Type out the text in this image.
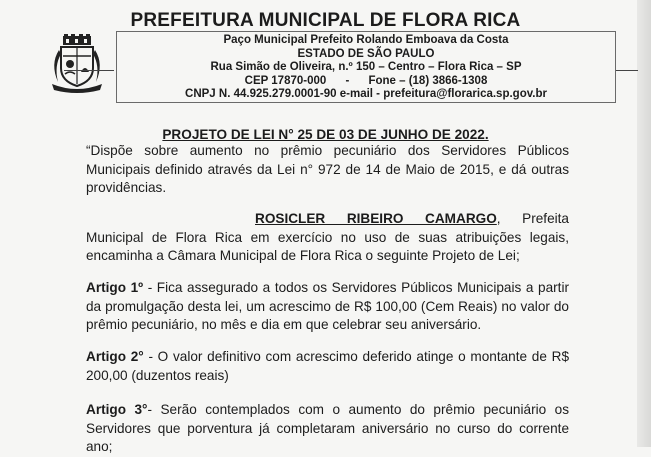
PREFEITURA MUNICIPAL DE FLORA RICA
Paço Municipal Prefeito Rolando Emboava da Costa
ESTADO DE SÃO PAULO
Rua Simão de Oliveira, n.º 150 – Centro – Flora Rica – SP
CEP 17870-000      -      Fone – (18) 3866-1308
CNPJ N. 44.925.279.0001-90 e-mail - prefeitura@florarica.sp.gov.br
PROJETO DE LEI N° 25 DE 03 DE JUNHO DE 2022.
“Dispõe sobre aumento no prêmio pecuniário dos Servidores Públicos Municipais definido através da Lei n° 972 de 14 de Maio de 2015, e dá outras providências.
ROSICLER RIBEIRO CAMARGO, Prefeita Municipal de Flora Rica em exercício no uso de suas atribuições legais, encaminha a Câmara Municipal de Flora Rica o seguinte Projeto de Lei;
Artigo 1º - Fica assegurado a todos os Servidores Públicos Municipais a partir da promulgação desta lei, um acrescimo de R$ 100,00 (Cem Reais) no valor do prêmio pecuniário, no mês e dia em que celebrar seu aniversário.
Artigo 2° - O valor definitivo com acrescimo deferido atinge o montante de R$ 200,00 (duzentos reais)
Artigo 3°- Serão contemplados com o aumento do prêmio pecuniário os Servidores que porventura já completaram aniversário no curso do corrente ano;
